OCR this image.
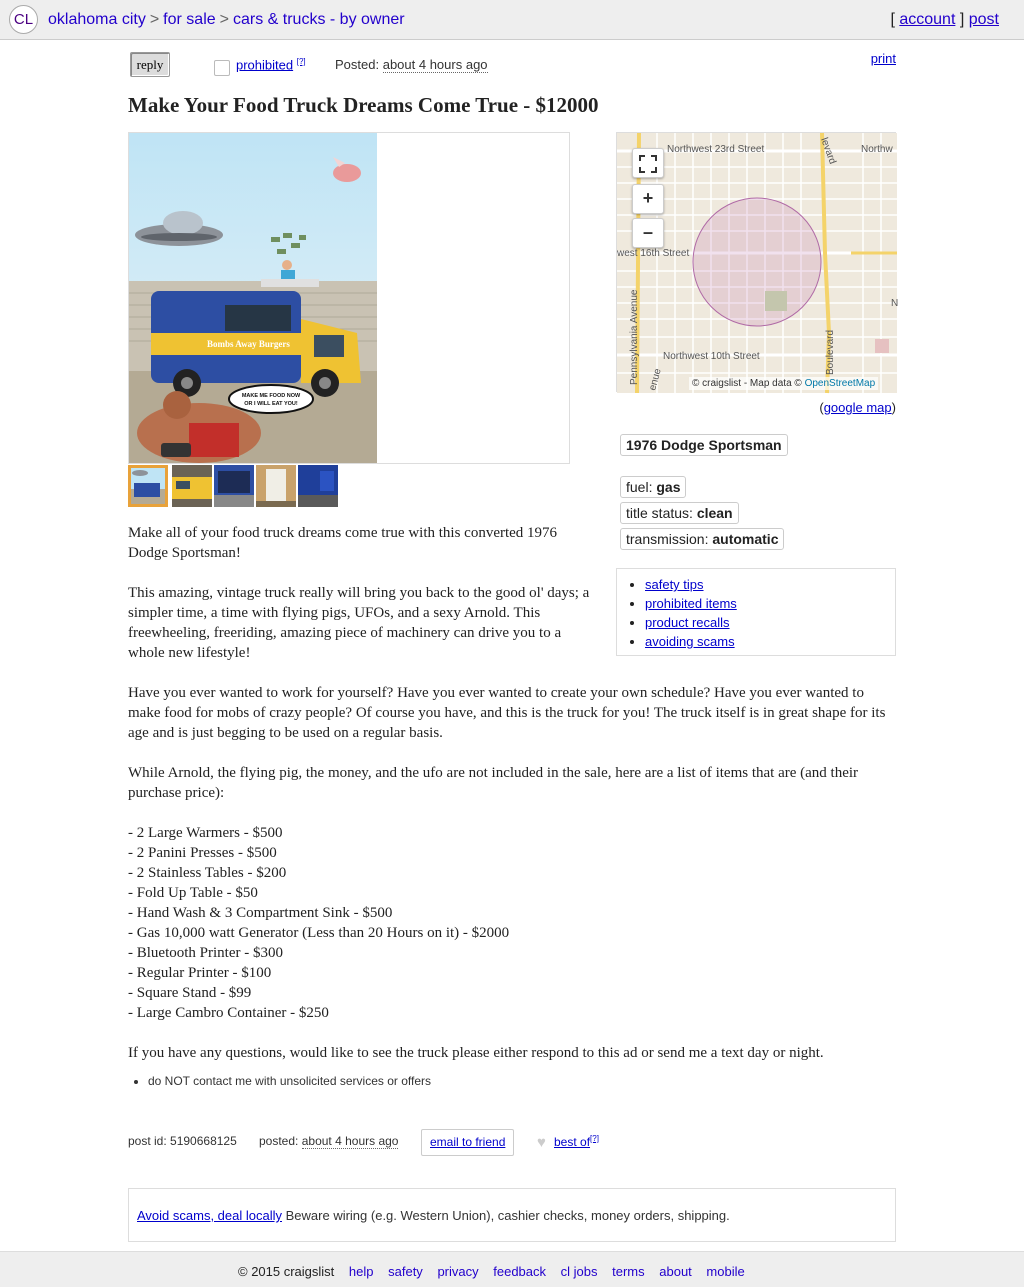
CL oklahoma city > for sale > cars & trucks - by owner	[ account ] post
reply	prohibited [?] Posted: about 4 hours ago	print
Make Your Food Truck Dreams Come True - $12000
Bombs Away Burgers
MAKE ME FOOD NOW
OR I WILL EAT YOU!
Northwest 23rd Street	Northw
west 16th Street
Northwest 10th Street
Pennsylvania Avenue	Boulevard
levard
enue
N
+
–
© craigslist - Map data © OpenStreetMap
(google map)
1976 Dodge Sportsman
fuel: gas
title status: clean
transmission: automatic
• safety tips
• prohibited items
• product recalls
• avoiding scams
Make all of your food truck dreams come true with this converted 1976 Dodge Sportsman!
This amazing, vintage truck really will bring you back to the good ol' days; a simpler time, a time with flying pigs, UFOs, and a sexy Arnold. This freewheeling, freeriding, amazing piece of machinery can drive you to a whole new lifestyle!
Have you ever wanted to work for yourself? Have you ever wanted to create your own schedule? Have you ever wanted to make food for mobs of crazy people? Of course you have, and this is the truck for you! The truck itself is in great shape for its age and is just begging to be used on a regular basis.
While Arnold, the flying pig, the money, and the ufo are not included in the sale, here are a list of items that are (and their purchase price):
- 2 Large Warmers - $500
- 2 Panini Presses - $500
- 2 Stainless Tables - $200
- Fold Up Table - $50
- Hand Wash & 3 Compartment Sink - $500
- Gas 10,000 watt Generator (Less than 20 Hours on it) - $2000
- Bluetooth Printer - $300
- Regular Printer - $100
- Square Stand - $99
- Large Cambro Container - $250
If you have any questions, would like to see the truck please either respond to this ad or send me a text day or night.
• do NOT contact me with unsolicited services or offers
post id: 5190668125 posted: about 4 hours ago	email to friend	♥ best of[?]
Avoid scams, deal locally Beware wiring (e.g. Western Union), cashier checks, money orders, shipping.
© 2015 craigslist help safety privacy feedback cl jobs terms about mobile
